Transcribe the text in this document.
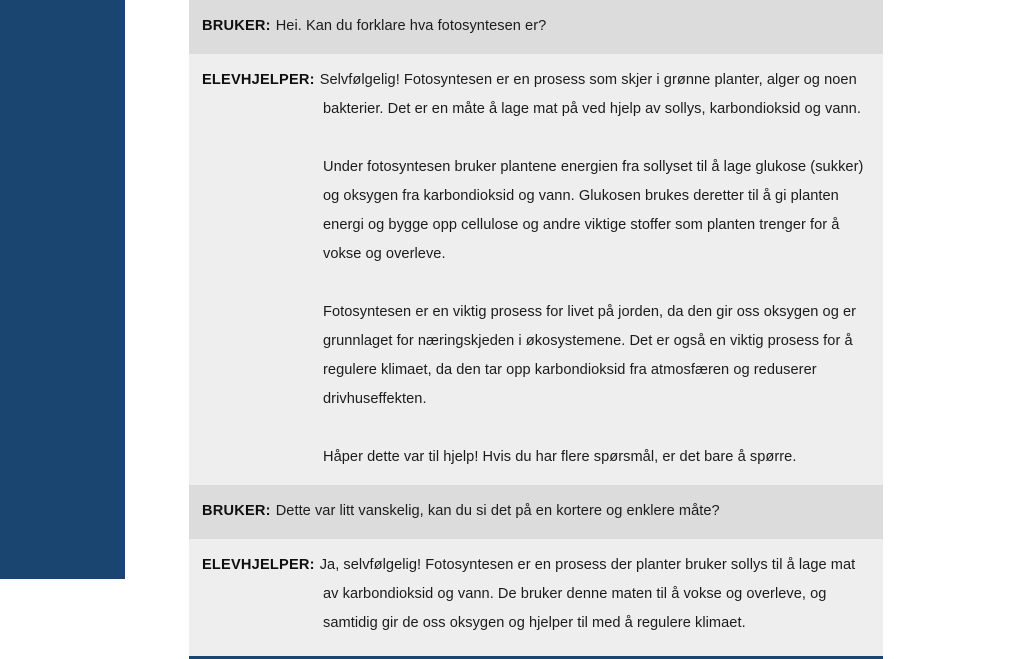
BRUKER: Hei. Kan du forklare hva fotosyntesen er?

ELEVHJELPER: Selvfølgelig! Fotosyntesen er en prosess som skjer i grønne planter, alger og noen bakterier. Det er en måte å lage mat på ved hjelp av sollys, karbondioksid og vann.

Under fotosyntesen bruker plantene energien fra sollyset til å lage glukose (sukker) og oksygen fra karbondioksid og vann. Glukosen brukes deretter til å gi planten energi og bygge opp cellulose og andre viktige stoffer som planten trenger for å vokse og overleve.

Fotosyntesen er en viktig prosess for livet på jorden, da den gir oss oksygen og er grunnlaget for næringskjeden i økosystemene. Det er også en viktig prosess for å regulere klimaet, da den tar opp karbondioksid fra atmosfæren og reduserer drivhuseffekten.

Håper dette var til hjelp! Hvis du har flere spørsmål, er det bare å spørre.

BRUKER: Dette var litt vanskelig, kan du si det på en kortere og enklere måte?

ELEVHJELPER: Ja, selvfølgelig! Fotosyntesen er en prosess der planter bruker sollys til å lage mat av karbondioksid og vann. De bruker denne maten til å vokse og overleve, og samtidig gir de oss oksygen og hjelper til med å regulere klimaet.
